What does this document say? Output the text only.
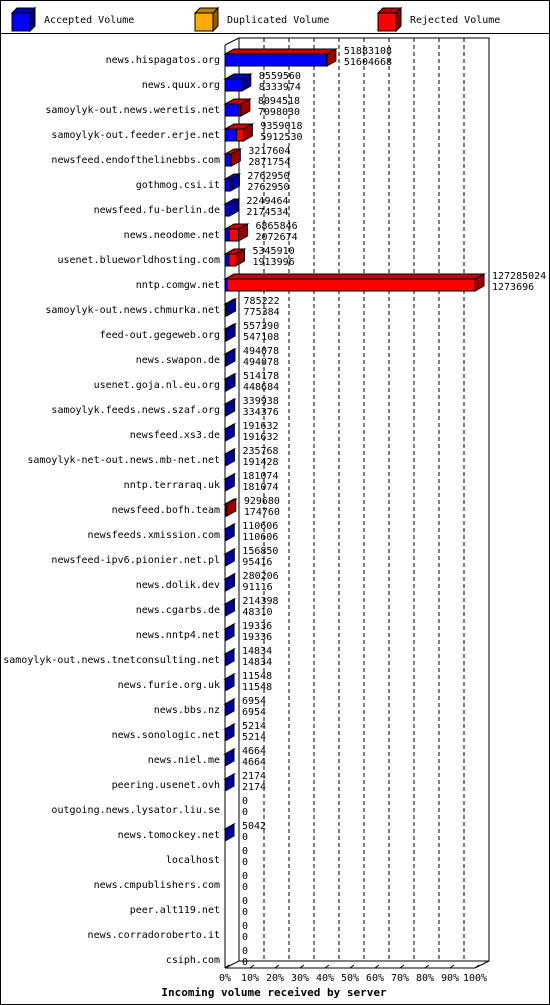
Accepted Volume	Duplicated Volume	Rejected Volume
0% 10% 20% 30% 40% 50% 60% 70% 80% 90% 100%
Incoming volume received by server
news.hispagatos.org
51883108
51604668
news.quux.org
8559560
8333974
samoylyk-out.news.weretis.net
8094518
7098030
samoylyk-out.feeder.erje.net
9359018
5912530
newsfeed.endofthelinebbs.com
3217604
2871754
gothmog.csi.it
2762950
2762950
newsfeed.fu-berlin.de
2249464
2174534
news.neodome.net
6865846
2072674
usenet.blueworldhosting.com
5345910
1913996
nntp.comgw.net
127285024
1273696
samoylyk-out.news.chmurka.net
785222
775384
feed-out.gegeweb.org
557390
547108
news.swapon.de
494078
494078
usenet.goja.nl.eu.org
514178
448684
samoylyk.feeds.news.szaf.org
339938
334376
newsfeed.xs3.de
191632
191632
samoylyk-net-out.news.mb-net.net
235768
191428
nntp.terraraq.uk
181074
181074
newsfeed.bofh.team
929680
174760
newsfeeds.xmission.com
110606
110606
newsfeed-ipv6.pionier.net.pl
156850
95416
news.dolik.dev
280206
91116
news.cgarbs.de
214398
48310
news.nntp4.net
19336
19336
samoylyk-out.news.tnetconsulting.net
14834
14834
news.furie.org.uk
11548
11548
news.bbs.nz
6954
6954
news.sonologic.net
5214
5214
news.niel.me
4664
4664
peering.usenet.ovh
2174
2174
outgoing.news.lysator.liu.se
0
0
news.tomockey.net
5042
0
localhost
0
0
news.cmpublishers.com
0
0
peer.alt119.net
0
0
news.corradoroberto.it
0
0
csiph.com
0
0
